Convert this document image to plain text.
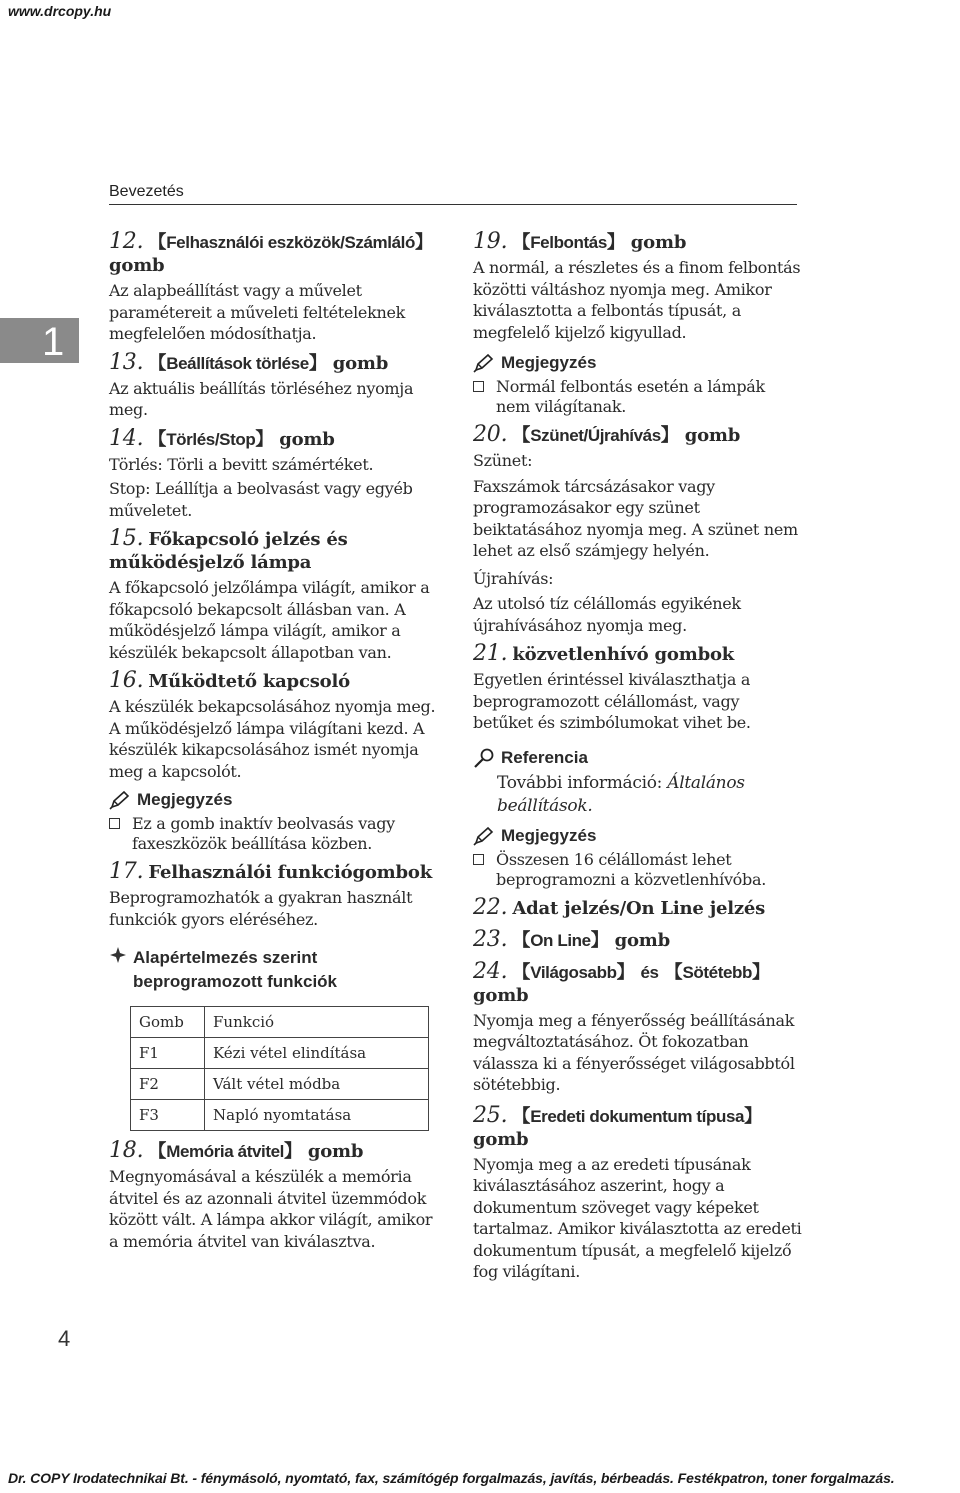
www.drcopy.hu
Bevezetés
1
12. 【Felhasználói eszközök/Számláló】
gomb

Az alapbeállítást vagy a művelet paramétereit a műveleti feltételeknek megfelelően módosíthatja.

13. 【Beállítások törlése】 gomb

Az aktuális beállítás törléséhez nyomja meg.

14. 【Törlés/Stop】 gomb

Törlés: Törli a bevitt számértéket.

Stop: Leállítja a beolvasást vagy egyéb műveletet.

15. Főkapcsoló jelzés és működésjelző lámpa

A főkapcsoló jelzőlámpa világít, amikor a főkapcsoló bekapcsolt állásban van. A működésjelző lámpa világít, amikor a készülék bekapcsolt állapotban van.

16. Működtető kapcsoló

A készülék bekapcsolásához nyomja meg. A működésjelző lámpa világítani kezd. A készülék kikapcsolásához ismét nyomja meg a kapcsolót.

Megjegyzés
Ez a gomb inaktív beolvasás vagy faxeszközök beállítása közben.
17. Felhasználói funkciógombok

Beprogramozhatók a gyakran használt funkciók gyors eléréséhez.

Alapértelmezés szerint beprogramozott funkciók
Gomb	Funkció
F1	Kézi vétel elindítása
F2	Vált vétel módba
F3	Napló nyomtatása
18. 【Memória átvitel】 gomb

Megnyomásával a készülék a memória átvitel és az azonnali átvitel üzemmódok között vált. A lámpa akkor világít, amikor a memória átvitel van kiválasztva.

19. 【Felbontás】 gomb

A normál, a részletes és a finom felbontás közötti váltáshoz nyomja meg. Amikor kiválasztotta a felbontás típusát, a megfelelő kijelző kigyullad.

Megjegyzés
Normál felbontás esetén a lámpák nem világítanak.
20. 【Szünet/Újrahívás】 gomb

Szünet:

Faxszámok tárcsázásakor vagy programozásakor egy szünet beiktatásához nyomja meg. A szünet nem lehet az első számjegy helyén.

Újrahívás:

Az utolsó tíz célállomás egyikének újrahívásához nyomja meg.

21. közvetlenhívó gombok

Egyetlen érintéssel kiválaszthatja a beprogramozott célállomást, vagy betűket és szimbólumokat vihet be.

Referencia
További információ: Általános beállítások.
Megjegyzés
Összesen 16 célállomást lehet beprogramozni a közvetlenhívóba.
22. Adat jelzés/On Line jelzés
23. 【On Line】 gomb
24. 【Világosabb】 és 【Sötétebb】
gomb

Nyomja meg a fényerősség beállításának megváltoztatásához. Öt fokozatban válassza ki a fényerősséget világosabbtól sötétebbig.

25. 【Eredeti dokumentum típusa】 gomb

Nyomja meg a az eredeti típusának kiválasztásához aszerint, hogy a dokumentum szöveget vagy képeket tartalmaz. Amikor kiválasztotta az eredeti dokumentum típusát, a megfelelő kijelző fog világítani.

4
Dr. COPY Irodatechnikai Bt. - fénymásoló, nyomtató, fax, számítógép forgalmazás, javítás, bérbeadás. Festékpatron, toner forgalmazás.
